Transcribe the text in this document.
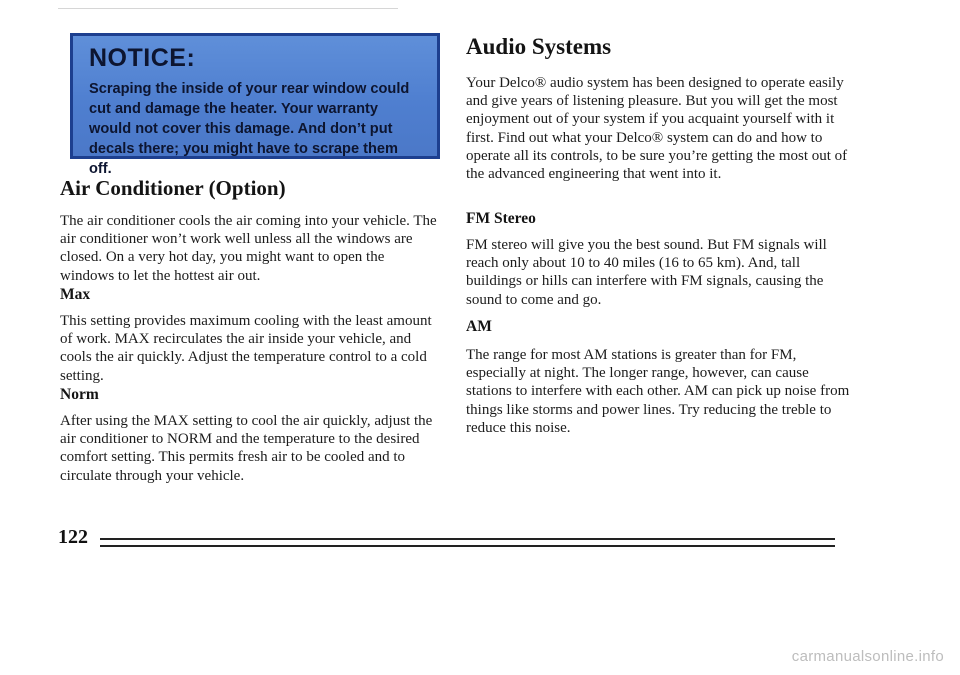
NOTICE:

Scraping the inside of your rear window could cut and damage the heater. Your warranty would not cover this damage. And don’t put decals there; you might have to scrape them off.

Air Conditioner (Option)

The air conditioner cools the air coming into your vehicle. The air conditioner won’t work well unless all the windows are closed. On a very hot day, you might want to open the windows to let the hottest air out.

Max

This setting provides maximum cooling with the least amount of work. MAX recirculates the air inside your vehicle, and cools the air quickly. Adjust the temperature control to a cold setting.

Norm

After using the MAX setting to cool the air quickly, adjust the air conditioner to NORM and the temperature to the desired comfort setting. This permits fresh air to be cooled and to circulate through your vehicle.

Audio Systems

Your Delco® audio system has been designed to operate easily and give years of listening pleasure. But you will get the most enjoyment out of your system if you acquaint yourself with it first. Find out what your Delco® system can do and how to operate all its controls, to be sure you’re getting the most out of the advanced engineering that went into it.

FM Stereo

FM stereo will give you the best sound. But FM signals will reach only about 10 to 40 miles (16 to 65 km). And, tall buildings or hills can interfere with FM signals, causing the sound to come and go.

AM

The range for most AM stations is greater than for FM, especially at night. The longer range, however, can cause stations to interfere with each other. AM can pick up noise from things like storms and power lines. Try reducing the treble to reduce this noise.

122
carmanualsonline.info
